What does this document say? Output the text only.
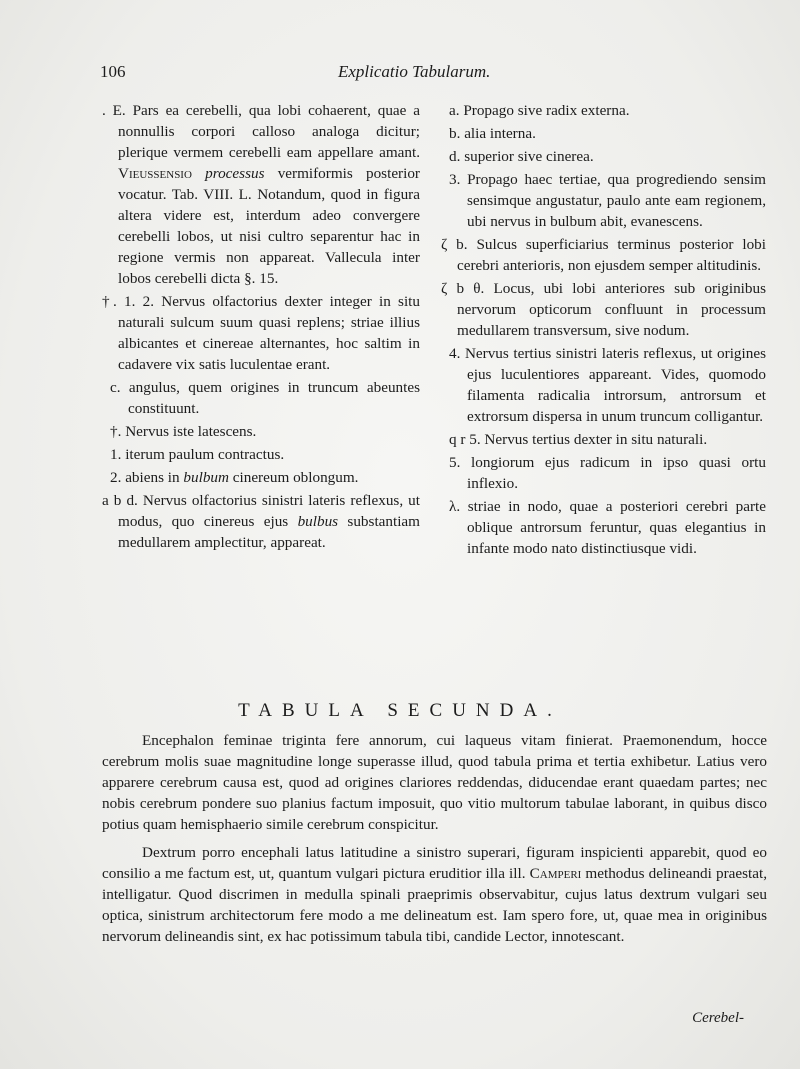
106	Explicatio Tabularum.
. E. Pars ea cerebelli, qua lobi cohaerent, quae a nonnullis corpori calloso analoga dicitur; plerique vermem cerebelli eam appellare amant. Vieussensio processus vermiformis posterior vocatur. Tab. VIII. L. Notandum, quod in figura altera videre est, interdum adeo convergere cerebelli lobos, ut nisi cultro separentur hac in regione vermis non appareat. Vallecula inter lobos cerebelli dicta §. 15.
†. 1. 2. Nervus olfactorius dexter integer in situ naturali sulcum suum quasi replens; striae illius albicantes et cinereae alternantes, hoc saltim in cadavere vix satis luculentae erant.
c. angulus, quem origines in truncum abeuntes constituunt.
†. Nervus iste latescens.
1. iterum paulum contractus.
2. abiens in bulbum cinereum oblongum.
a b d. Nervus olfactorius sinistri lateris reflexus, ut modus, quo cinereus ejus bulbus substantiam medullarem amplectitur, appareat.
a. Propago sive radix externa.
b. alia interna.
d. superior sive cinerea.
3. Propago haec tertiae, qua progrediendo sensim sensimque angustatur, paulo ante eam regionem, ubi nervus in bulbum abit, evanescens.
ζ b. Sulcus superficiarius terminus posterior lobi cerebri anterioris, non ejusdem semper altitudinis.
ζ b θ. Locus, ubi lobi anteriores sub originibus nervorum opticorum confluunt in processum medullarem transversum, sive nodum.
4. Nervus tertius sinistri lateris reflexus, ut origines ejus luculentiores appareant. Vides, quomodo filamenta radicalia introrsum, antrorsum et extrorsum dispersa in unum truncum colligantur.
q r 5. Nervus tertius dexter in situ naturali.
5. longiorum ejus radicum in ipso quasi ortu inflexio.
λ. striae in nodo, quae a posteriori cerebri parte oblique antrorsum feruntur, quas elegantius in infante modo nato distinctiusque vidi.
TABULA SECUNDA.

Encephalon feminae triginta fere annorum, cui laqueus vitam finierat. Praemonendum, hocce cerebrum molis suae magnitudine longe superasse illud, quod tabula prima et tertia exhibetur. Latius vero apparere cerebrum causa est, quod ad origines clariores reddendas, diducendae erant quaedam partes; nec nobis cerebrum pondere suo planius factum imposuit, quo vitio multorum tabulae laborant, in quibus disco potius quam hemisphaerio simile cerebrum conspicitur.

Dextrum porro encephali latus latitudine a sinistro superari, figuram inspicienti apparebit, quod eo consilio a me factum est, ut, quantum vulgari pictura eruditior illa ill. Camperi methodus delineandi praestat, intelligatur. Quod discrimen in medulla spinali praeprimis observabitur, cujus latus dextrum vulgari seu optica, sinistrum architectorum fere modo a me delineatum est. Iam spero fore, ut, quae mea in originibus nervorum delineandis sint, ex hac potissimum tabula tibi, candide Lector, innotescant.

Cerebel-
